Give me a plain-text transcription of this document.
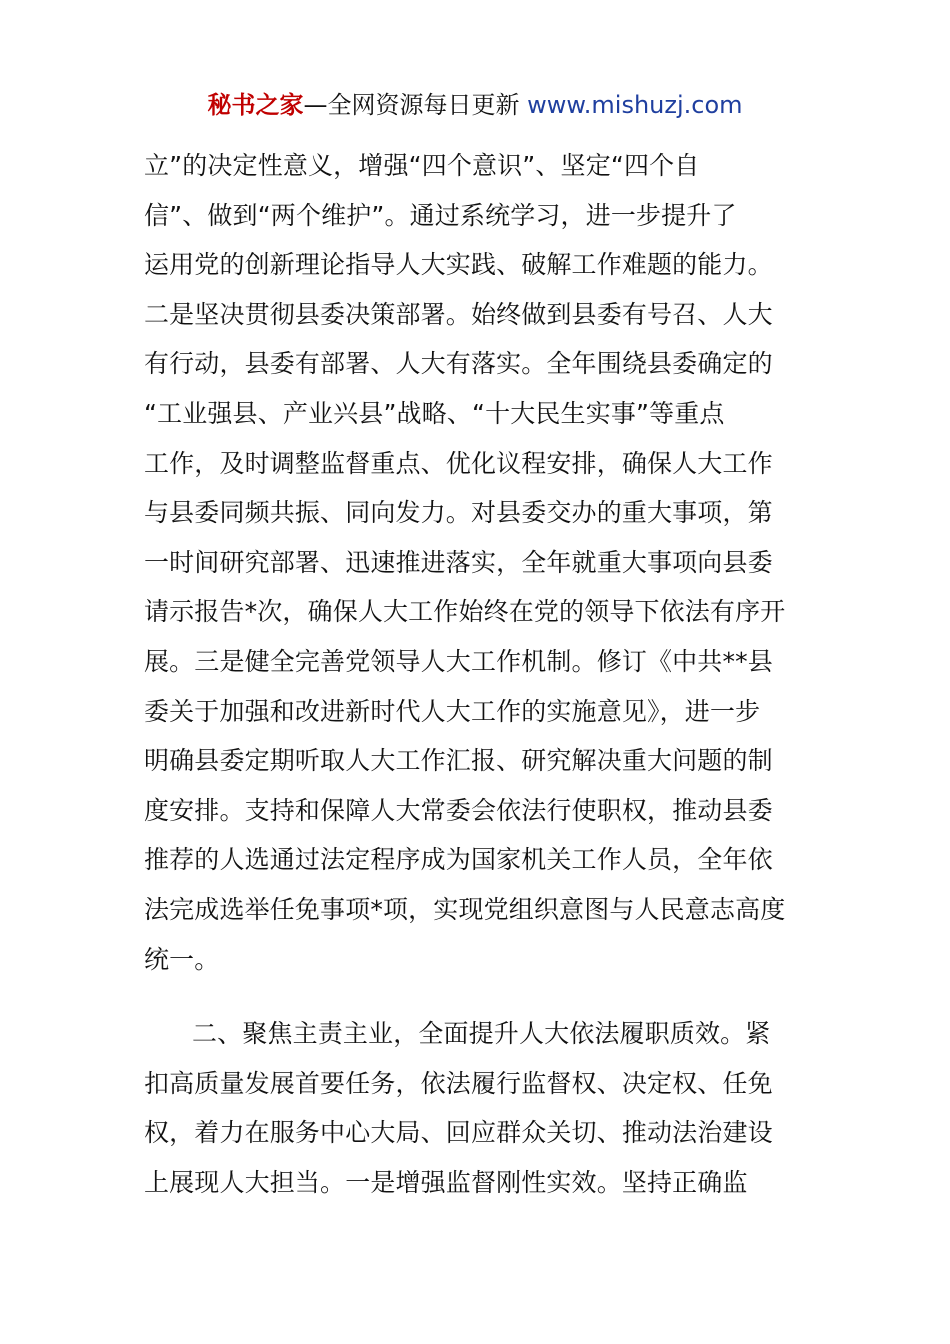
秘书之家—全网资源每日更新 www.mishuzj.com
立”的决定性意义，增强“四个意识”、坚定“四个自
信”、做到“两个维护”。通过系统学习，进一步提升了
运用党的创新理论指导人大实践、破解工作难题的能力。
二是坚决贯彻县委决策部署。始终做到县委有号召、人大
有行动，县委有部署、人大有落实。全年围绕县委确定的
“工业强县、产业兴县”战略、“十大民生实事”等重点
工作，及时调整监督重点、优化议程安排，确保人大工作
与县委同频共振、同向发力。对县委交办的重大事项，第
一时间研究部署、迅速推进落实，全年就重大事项向县委
请示报告*次，确保人大工作始终在党的领导下依法有序开
展。三是健全完善党领导人大工作机制。修订《中共**县
委关于加强和改进新时代人大工作的实施意见》，进一步
明确县委定期听取人大工作汇报、研究解决重大问题的制
度安排。支持和保障人大常委会依法行使职权，推动县委
推荐的人选通过法定程序成为国家机关工作人员，全年依
法完成选举任免事项*项，实现党组织意图与人民意志高度
统一。
二、聚焦主责主业，全面提升人大依法履职质效。紧
扣高质量发展首要任务，依法履行监督权、决定权、任免
权，着力在服务中心大局、回应群众关切、推动法治建设
上展现人大担当。一是增强监督刚性实效。坚持正确监
